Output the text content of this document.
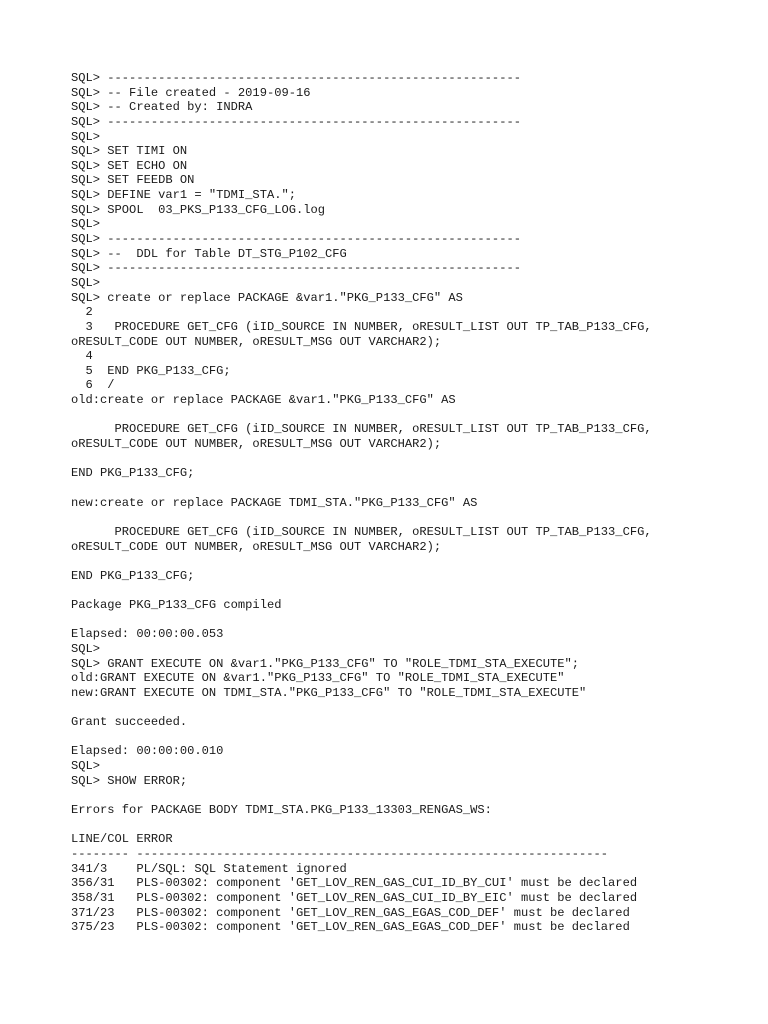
SQL> ---------------------------------------------------------
SQL> -- File created - 2019-09-16
SQL> -- Created by: INDRA
SQL> ---------------------------------------------------------
SQL>
SQL> SET TIMI ON
SQL> SET ECHO ON
SQL> SET FEEDB ON
SQL> DEFINE var1 = "TDMI_STA.";
SQL> SPOOL  03_PKS_P133_CFG_LOG.log
SQL>
SQL> ---------------------------------------------------------
SQL> --  DDL for Table DT_STG_P102_CFG
SQL> ---------------------------------------------------------
SQL>
SQL> create or replace PACKAGE &var1."PKG_P133_CFG" AS
2
3   PROCEDURE GET_CFG (iID_SOURCE IN NUMBER, oRESULT_LIST OUT TP_TAB_P133_CFG,
oRESULT_CODE OUT NUMBER, oRESULT_MSG OUT VARCHAR2);
4
5  END PKG_P133_CFG;
6  /
old:create or replace PACKAGE &var1."PKG_P133_CFG" AS
PROCEDURE GET_CFG (iID_SOURCE IN NUMBER, oRESULT_LIST OUT TP_TAB_P133_CFG,
oRESULT_CODE OUT NUMBER, oRESULT_MSG OUT VARCHAR2);
END PKG_P133_CFG;
new:create or replace PACKAGE TDMI_STA."PKG_P133_CFG" AS
PROCEDURE GET_CFG (iID_SOURCE IN NUMBER, oRESULT_LIST OUT TP_TAB_P133_CFG,
oRESULT_CODE OUT NUMBER, oRESULT_MSG OUT VARCHAR2);
END PKG_P133_CFG;
Package PKG_P133_CFG compiled
Elapsed: 00:00:00.053
SQL>
SQL> GRANT EXECUTE ON &var1."PKG_P133_CFG" TO "ROLE_TDMI_STA_EXECUTE";
old:GRANT EXECUTE ON &var1."PKG_P133_CFG" TO "ROLE_TDMI_STA_EXECUTE"
new:GRANT EXECUTE ON TDMI_STA."PKG_P133_CFG" TO "ROLE_TDMI_STA_EXECUTE"
Grant succeeded.
Elapsed: 00:00:00.010
SQL>
SQL> SHOW ERROR;
Errors for PACKAGE BODY TDMI_STA.PKG_P133_13303_RENGAS_WS:
LINE/COL ERROR
-------- -----------------------------------------------------------------
341/3    PL/SQL: SQL Statement ignored
356/31   PLS-00302: component 'GET_LOV_REN_GAS_CUI_ID_BY_CUI' must be declared
358/31   PLS-00302: component 'GET_LOV_REN_GAS_CUI_ID_BY_EIC' must be declared
371/23   PLS-00302: component 'GET_LOV_REN_GAS_EGAS_COD_DEF' must be declared
375/23   PLS-00302: component 'GET_LOV_REN_GAS_EGAS_COD_DEF' must be declared
